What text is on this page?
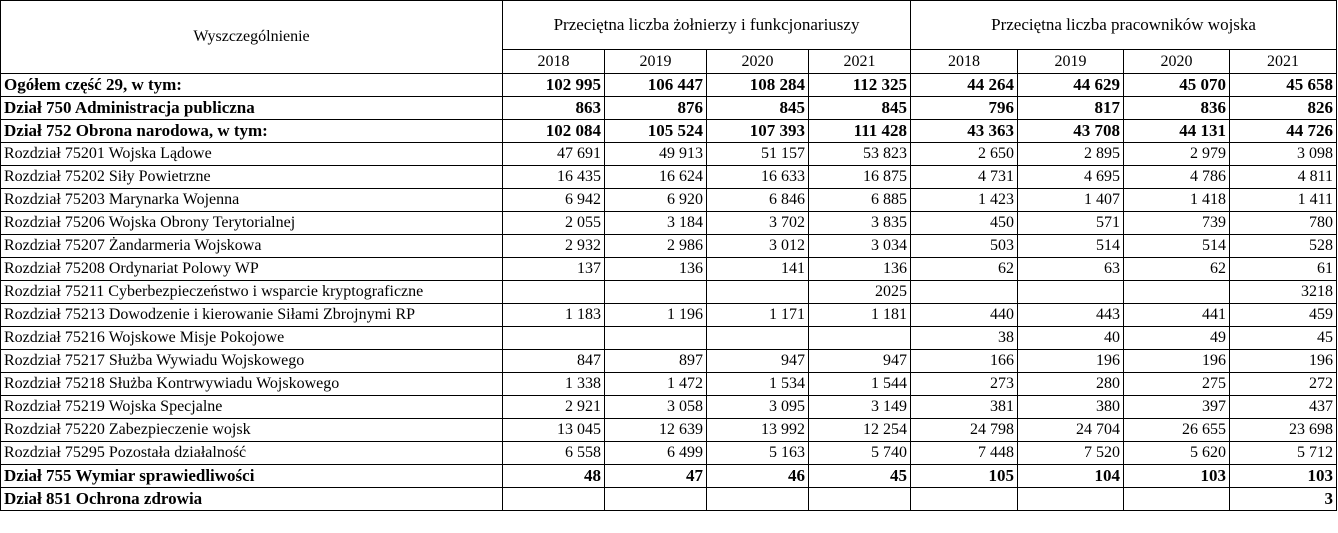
Wyszczególnienie	Przeciętna liczba żołnierzy i funkcjonariuszy				Przeciętna liczba pracowników wojska			
	2018	2019	2020	2021	2018	2019	2020	2021
Ogółem część 29, w tym:	102 995	106 447	108 284	112 325	44 264	44 629	45 070	45 658
Dział 750 Administracja publiczna	863	876	845	845	796	817	836	826
Dział 752 Obrona narodowa, w tym:	102 084	105 524	107 393	111 428	43 363	43 708	44 131	44 726
Rozdział 75201 Wojska Lądowe	47 691	49 913	51 157	53 823	2 650	2 895	2 979	3 098
Rozdział 75202 Siły Powietrzne	16 435	16 624	16 633	16 875	4 731	4 695	4 786	4 811
Rozdział 75203 Marynarka Wojenna	6 942	6 920	6 846	6 885	1 423	1 407	1 418	1 411
Rozdział 75206 Wojska Obrony Terytorialnej	2 055	3 184	3 702	3 835	450	571	739	780
Rozdział 75207 Żandarmeria Wojskowa	2 932	2 986	3 012	3 034	503	514	514	528
Rozdział 75208 Ordynariat Polowy WP	137	136	141	136	62	63	62	61
Rozdział 75211 Cyberbezpieczeństwo i wsparcie kryptograficzne				2025				3218
Rozdział 75213 Dowodzenie i kierowanie Siłami Zbrojnymi RP	1 183	1 196	1 171	1 181	440	443	441	459
Rozdział 75216 Wojskowe Misje Pokojowe					38	40	49	45
Rozdział 75217 Służba Wywiadu Wojskowego	847	897	947	947	166	196	196	196
Rozdział 75218 Służba Kontrwywiadu Wojskowego	1 338	1 472	1 534	1 544	273	280	275	272
Rozdział 75219 Wojska Specjalne	2 921	3 058	3 095	3 149	381	380	397	437
Rozdział 75220 Zabezpieczenie wojsk	13 045	12 639	13 992	12 254	24 798	24 704	26 655	23 698
Rozdział 75295 Pozostała działalność	6 558	6 499	5 163	5 740	7 448	7 520	5 620	5 712
Dział 755 Wymiar sprawiedliwości	48	47	46	45	105	104	103	103
Dział 851 Ochrona zdrowia								3
